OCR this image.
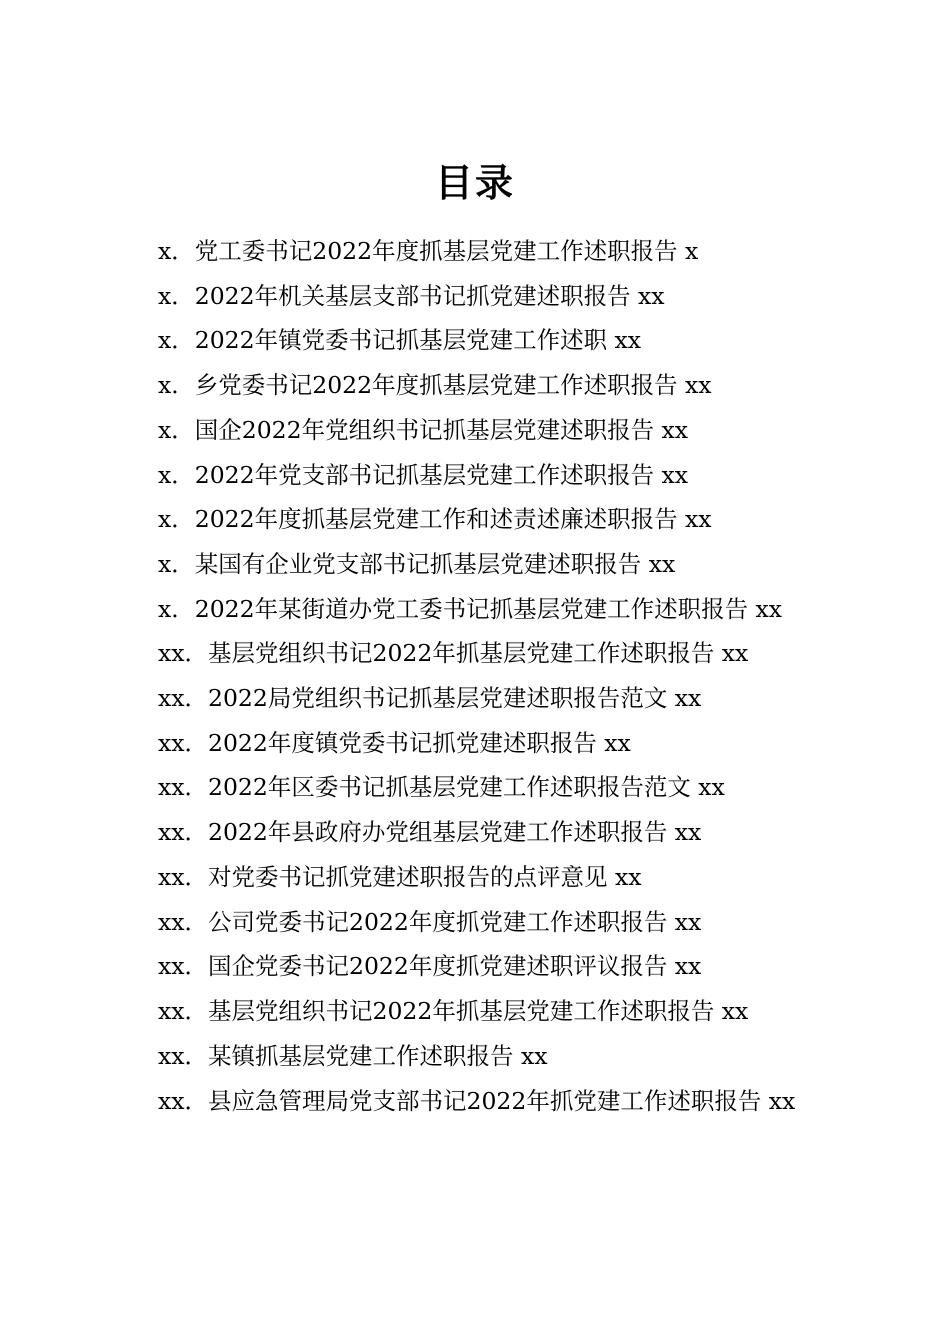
目录
x．党工委书记2022年度抓基层党建工作述职报告 x
x．2022年机关基层支部书记抓党建述职报告 xx
x．2022年镇党委书记抓基层党建工作述职 xx
x．乡党委书记2022年度抓基层党建工作述职报告 xx
x．国企2022年党组织书记抓基层党建述职报告 xx
x．2022年党支部书记抓基层党建工作述职报告 xx
x．2022年度抓基层党建工作和述责述廉述职报告 xx
x．某国有企业党支部书记抓基层党建述职报告 xx
x．2022年某街道办党工委书记抓基层党建工作述职报告 xx
xx．基层党组织书记2022年抓基层党建工作述职报告 xx
xx．2022局党组织书记抓基层党建述职报告范文 xx
xx．2022年度镇党委书记抓党建述职报告 xx
xx．2022年区委书记抓基层党建工作述职报告范文 xx
xx．2022年县政府办党组基层党建工作述职报告 xx
xx．对党委书记抓党建述职报告的点评意见 xx
xx．公司党委书记2022年度抓党建工作述职报告 xx
xx．国企党委书记2022年度抓党建述职评议报告 xx
xx．基层党组织书记2022年抓基层党建工作述职报告 xx
xx．某镇抓基层党建工作述职报告 xx
xx．县应急管理局党支部书记2022年抓党建工作述职报告 xx
